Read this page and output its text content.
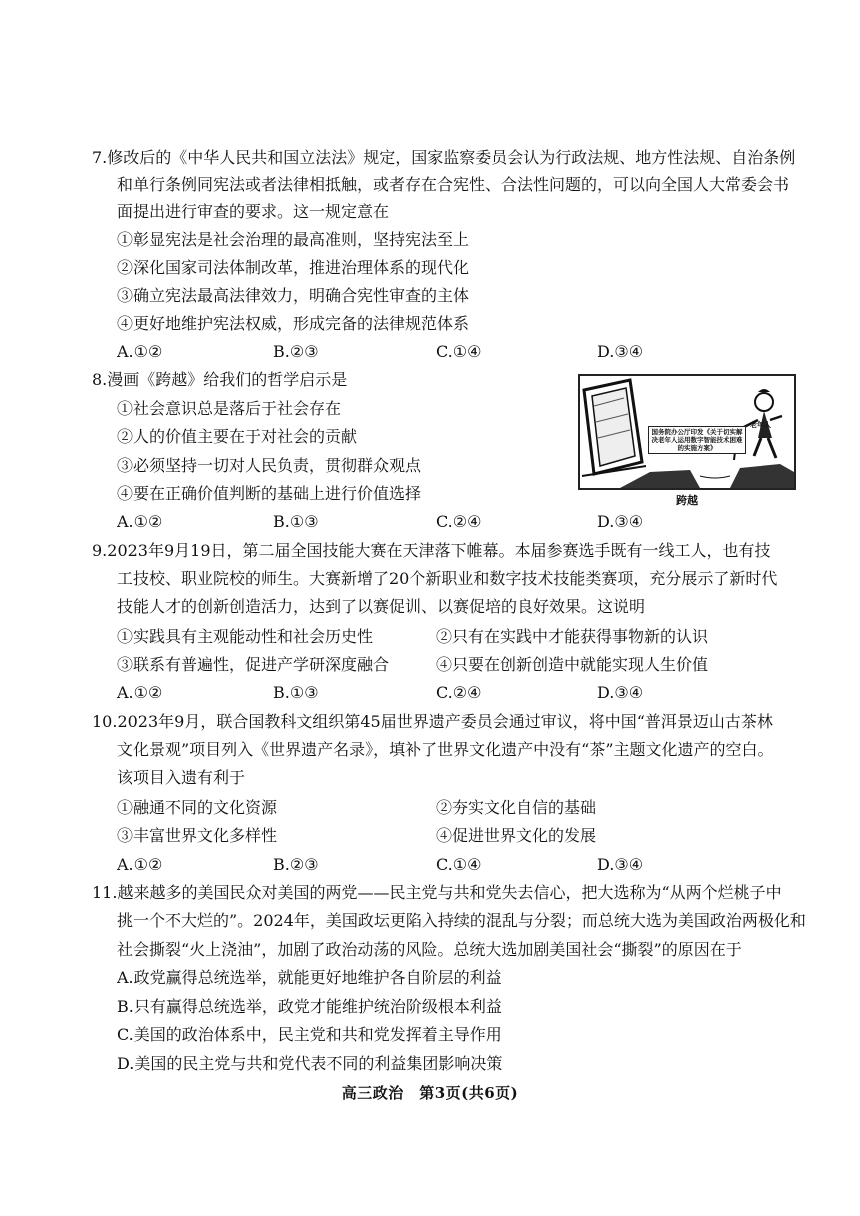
7.修改后的《中华人民共和国立法法》规定，国家监察委员会认为行政法规、地方性法规、自治条例
和单行条例同宪法或者法律相抵触，或者存在合宪性、合法性问题的，可以向全国人大常委会书
面提出进行审查的要求。这一规定意在
①彰显宪法是社会治理的最高准则，坚持宪法至上
②深化国家司法体制改革，推进治理体系的现代化
③确立宪法最高法律效力，明确合宪性审查的主体
④更好地维护宪法权威，形成完备的法律规范体系
A.①②	B.②③	C.①④	D.③④
8.漫画《跨越》给我们的哲学启示是
①社会意识总是落后于社会存在
②人的价值主要在于对社会的贡献
③必须坚持一切对人民负责，贯彻群众观点
④要在正确价值判断的基础上进行价值选择
A.①②	B.①③	C.②④	D.③④
国务院办公厅印发《关于切实解决老年人运用数字智能技术困难的实施方案》
老年人
跨越
9.2023年9月19日，第二届全国技能大赛在天津落下帷幕。本届参赛选手既有一线工人，也有技
工技校、职业院校的师生。大赛新增了20个新职业和数字技术技能类赛项，充分展示了新时代
技能人才的创新创造活力，达到了以赛促训、以赛促培的良好效果。这说明
①实践具有主观能动性和社会历史性	②只有在实践中才能获得事物新的认识
③联系有普遍性，促进产学研深度融合	④只要在创新创造中就能实现人生价值
A.①②	B.①③	C.②④	D.③④
10.2023年9月，联合国教科文组织第45届世界遗产委员会通过审议，将中国“普洱景迈山古茶林
文化景观”项目列入《世界遗产名录》，填补了世界文化遗产中没有“茶”主题文化遗产的空白。
该项目入遗有利于
①融通不同的文化资源	②夯实文化自信的基础
③丰富世界文化多样性	④促进世界文化的发展
A.①②	B.②③	C.①④	D.③④
11.越来越多的美国民众对美国的两党——民主党与共和党失去信心，把大选称为“从两个烂桃子中
挑一个不大烂的”。2024年，美国政坛更陷入持续的混乱与分裂；而总统大选为美国政治两极化和
社会撕裂“火上浇油”，加剧了政治动荡的风险。总统大选加剧美国社会“撕裂”的原因在于
A.政党赢得总统选举，就能更好地维护各自阶层的利益
B.只有赢得总统选举，政党才能维护统治阶级根本利益
C.美国的政治体系中，民主党和共和党发挥着主导作用
D.美国的民主党与共和党代表不同的利益集团影响决策
高三政治　第3页(共6页)
